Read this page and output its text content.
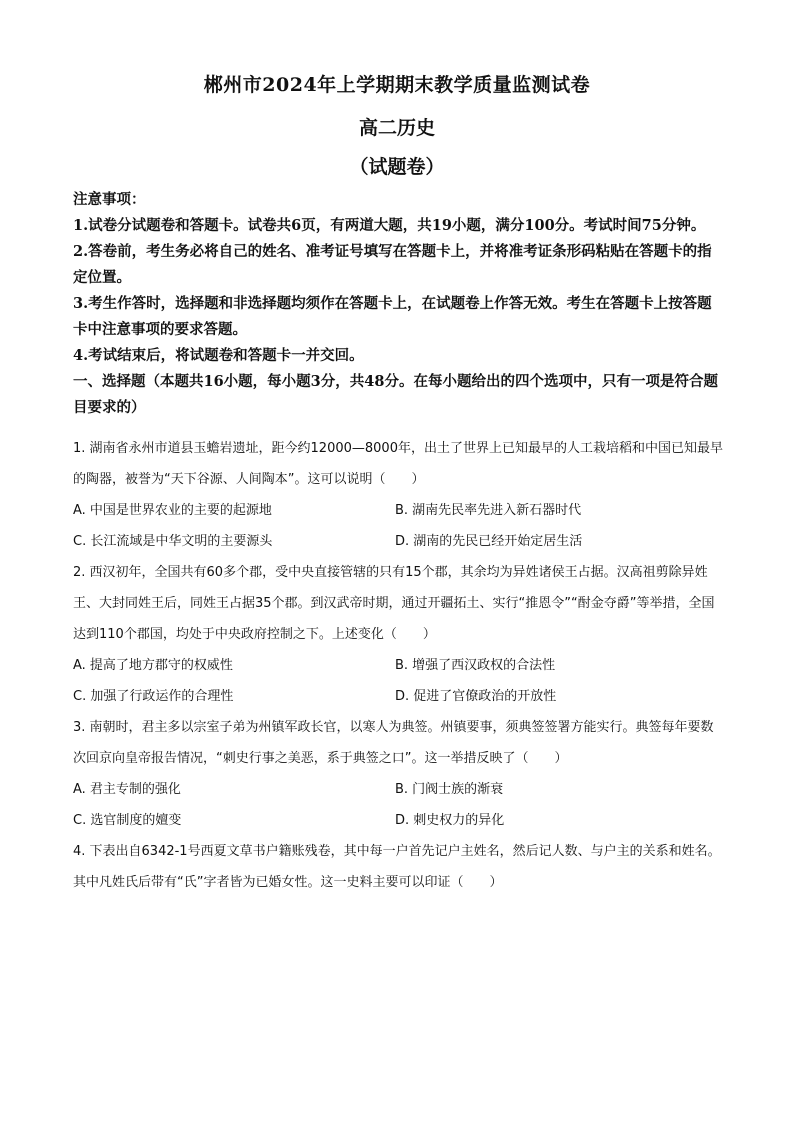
郴州市2024年上学期期末教学质量监测试卷
高二历史
（试题卷）

注意事项：

1.试卷分试题卷和答题卡。试卷共6页，有两道大题，共19小题，满分100分。考试时间75分钟。

2.答卷前，考生务必将自己的姓名、准考证号填写在答题卡上，并将准考证条形码粘贴在答题卡的指定位置。

3.考生作答时，选择题和非选择题均须作在答题卡上，在试题卷上作答无效。考生在答题卡上按答题卡中注意事项的要求答题。

4.考试结束后，将试题卷和答题卡一并交回。

一、选择题（本题共16小题，每小题3分，共48分。在每小题给出的四个选项中，只有一项是符合题目要求的）

1. 湖南省永州市道县玉蟾岩遗址，距今约12000—8000年，出土了世界上已知最早的人工栽培稻和中国已知最早的陶器，被誉为“天下谷源、人间陶本”。这可以说明（　　）

A. 中国是世界农业的主要的起源地	B. 湖南先民率先进入新石器时代
C. 长江流域是中华文明的主要源头	D. 湖南的先民已经开始定居生活

2. 西汉初年，全国共有60多个郡，受中央直接管辖的只有15个郡，其余均为异姓诸侯王占据。汉高祖剪除异姓王、大封同姓王后，同姓王占据35个郡。到汉武帝时期，通过开疆拓土、实行“推恩令”“酎金夺爵”等举措，全国达到110个郡国，均处于中央政府控制之下。上述变化（　　）

A. 提高了地方郡守的权威性	B. 增强了西汉政权的合法性
C. 加强了行政运作的合理性	D. 促进了官僚政治的开放性

3. 南朝时，君主多以宗室子弟为州镇军政长官，以寒人为典签。州镇要事，须典签签署方能实行。典签每年要数次回京向皇帝报告情况，“刺史行事之美恶，系于典签之口”。这一举措反映了（　　）

A. 君主专制的强化	B. 门阀士族的渐衰
C. 选官制度的嬗变	D. 刺史权力的异化

4. 下表出自6342-1号西夏文草书户籍账残卷，其中每一户首先记户主姓名，然后记人数、与户主的关系和姓名。其中凡姓氏后带有“氏”字者皆为已婚女性。这一史料主要可以印证（　　）
